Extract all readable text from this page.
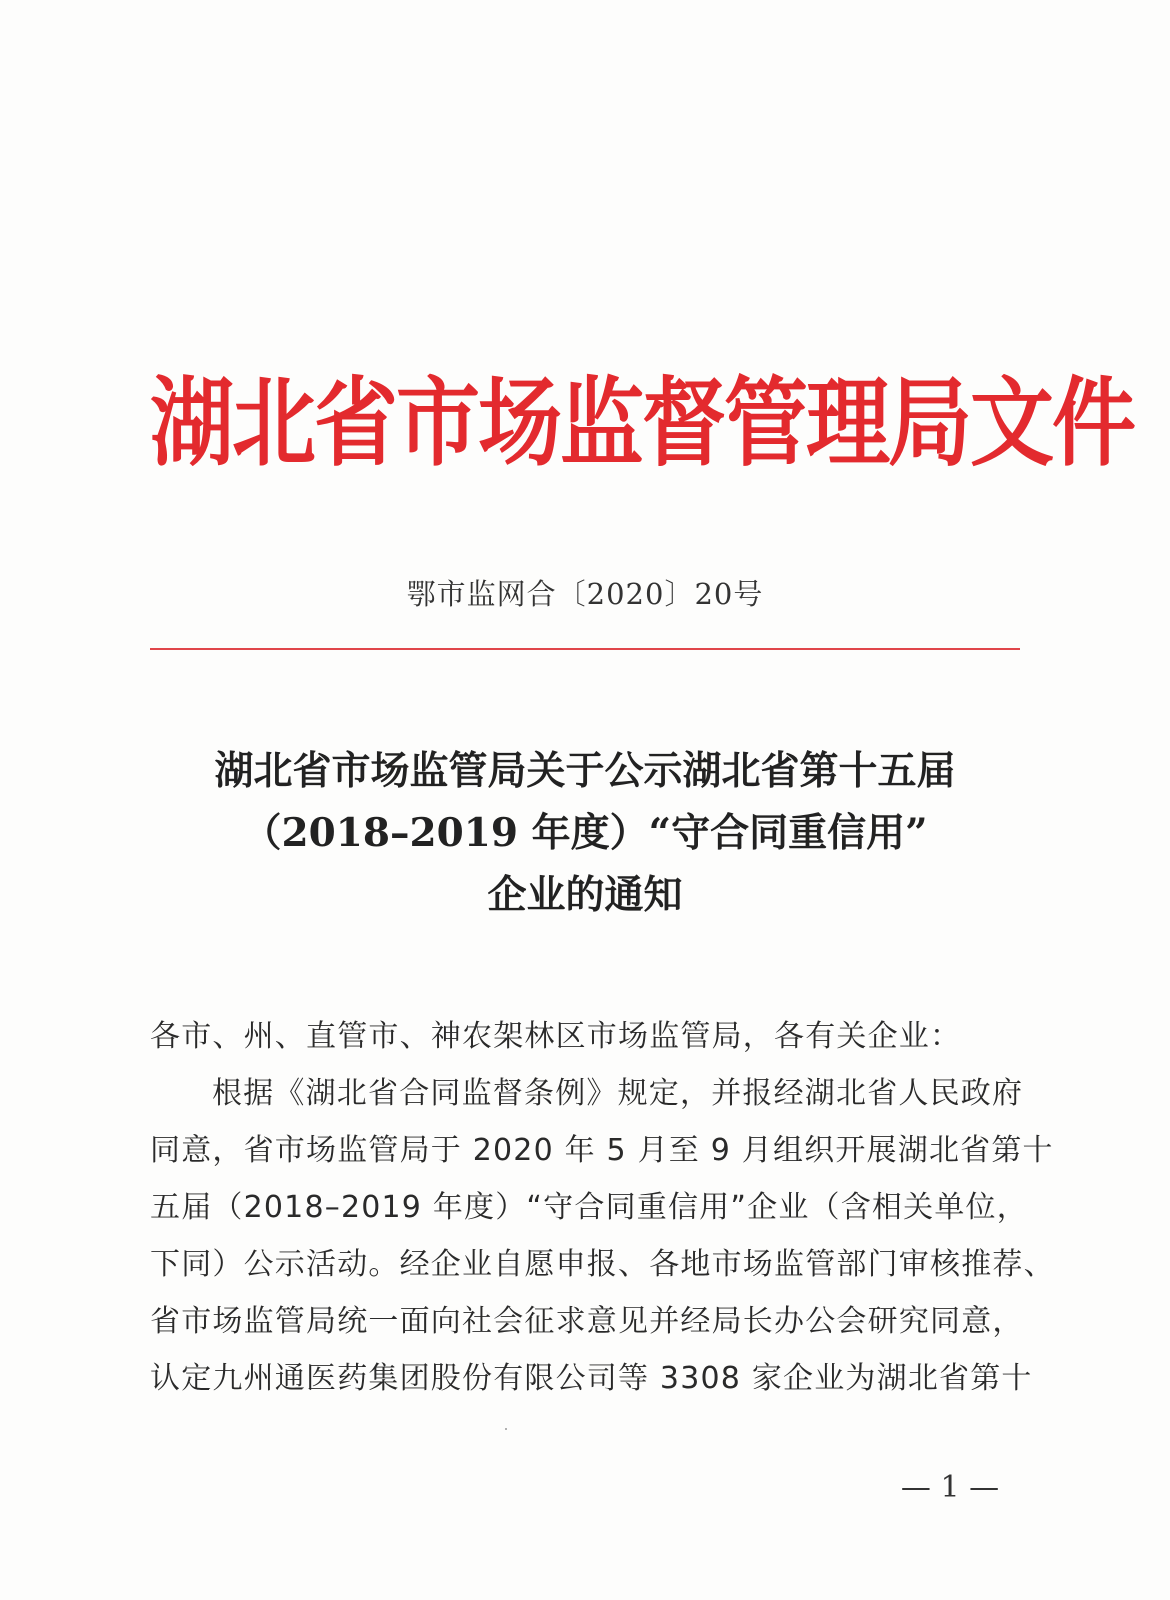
湖北省市场监督管理局文件
鄂市监网合〔2020〕20号
湖北省市场监管局关于公示湖北省第十五届
（2018–2019 年度）“守合同重信用”
企业的通知

各市、州、直管市、神农架林区市场监管局，各有关企业：

根据《湖北省合同监督条例》规定，并报经湖北省人民政府

同意，省市场监管局于 2020 年 5 月至 9 月组织开展湖北省第十

五届（2018–2019 年度）“守合同重信用”企业（含相关单位，

下同）公示活动。经企业自愿申报、各地市场监管部门审核推荐、

省市场监管局统一面向社会征求意见并经局长办公会研究同意，

认定九州通医药集团股份有限公司等 3308 家企业为湖北省第十

— 1 —
